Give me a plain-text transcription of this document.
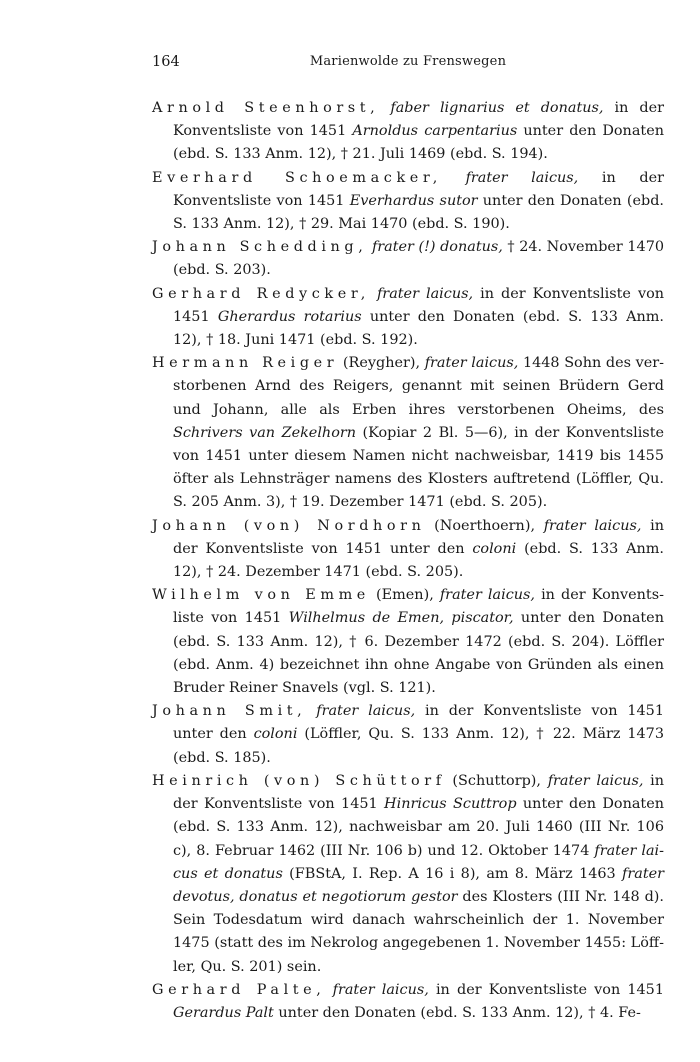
164	Marienwolde zu Frenswegen

Arnold Steenhorst, faber lignarius et donatus, in der Konventsliste von 1451 Arnoldus carpentarius unter den Donaten (ebd. S. 133 Anm. 12), † 21. Juli 1469 (ebd. S. 194).

Everhard Schoemacker, frater laicus, in der Konventsliste von 1451 Everhardus sutor unter den Donaten (ebd. S. 133 Anm. 12), † 29. Mai 1470 (ebd. S. 190).

Johann Schedding, frater (!) donatus, † 24. November 1470 (ebd. S. 203).

Gerhard Redycker, frater laicus, in der Konventsliste von 1451 Gherardus rotarius unter den Donaten (ebd. S. 133 Anm. 12), † 18. Juni 1471 (ebd. S. 192).

Hermann Reiger (Reygher), frater laicus, 1448 Sohn des verstorbenen Arnd des Reigers, genannt mit seinen Brüdern Gerd und Johann, alle als Erben ihres verstorbenen Oheims, des Schrivers van Zekelhorn (Kopiar 2 Bl. 5—6), in der Konventsliste von 1451 unter diesem Namen nicht nachweisbar, 1419 bis 1455 öfter als Lehnsträger namens des Klosters auftretend (Löffler, Qu. S. 205 Anm. 3), † 19. Dezember 1471 (ebd. S. 205).

Johann (von) Nordhorn (Noerthoern), frater laicus, in der Konventsliste von 1451 unter den coloni (ebd. S. 133 Anm. 12), † 24. Dezember 1471 (ebd. S. 205).

Wilhelm von Emme (Emen), frater laicus, in der Konventsliste von 1451 Wilhelmus de Emen, piscator, unter den Donaten (ebd. S. 133 Anm. 12), † 6. Dezember 1472 (ebd. S. 204). Löffler (ebd. Anm. 4) bezeichnet ihn ohne Angabe von Gründen als einen Bruder Reiner Snavels (vgl. S. 121).

Johann Smit, frater laicus, in der Konventsliste von 1451 unter den coloni (Löffler, Qu. S. 133 Anm. 12), † 22. März 1473 (ebd. S. 185).

Heinrich (von) Schüttorf (Schuttorp), frater laicus, in der Konventsliste von 1451 Hinricus Scuttrop unter den Donaten (ebd. S. 133 Anm. 12), nachweisbar am 20. Juli 1460 (III Nr. 106 c), 8. Februar 1462 (III Nr. 106 b) und 12. Oktober 1474 frater laicus et donatus (FBStA, I. Rep. A 16 i 8), am 8. März 1463 frater devotus, donatus et negotiorum gestor des Klosters (III Nr. 148 d). Sein Todesdatum wird danach wahrscheinlich der 1. November 1475 (statt des im Nekrolog angegebenen 1. November 1455: Löffler, Qu. S. 201) sein.

Gerhard Palte, frater laicus, in der Konventsliste von 1451 Gerardus Palt unter den Donaten (ebd. S. 133 Anm. 12), † 4. Fe-
